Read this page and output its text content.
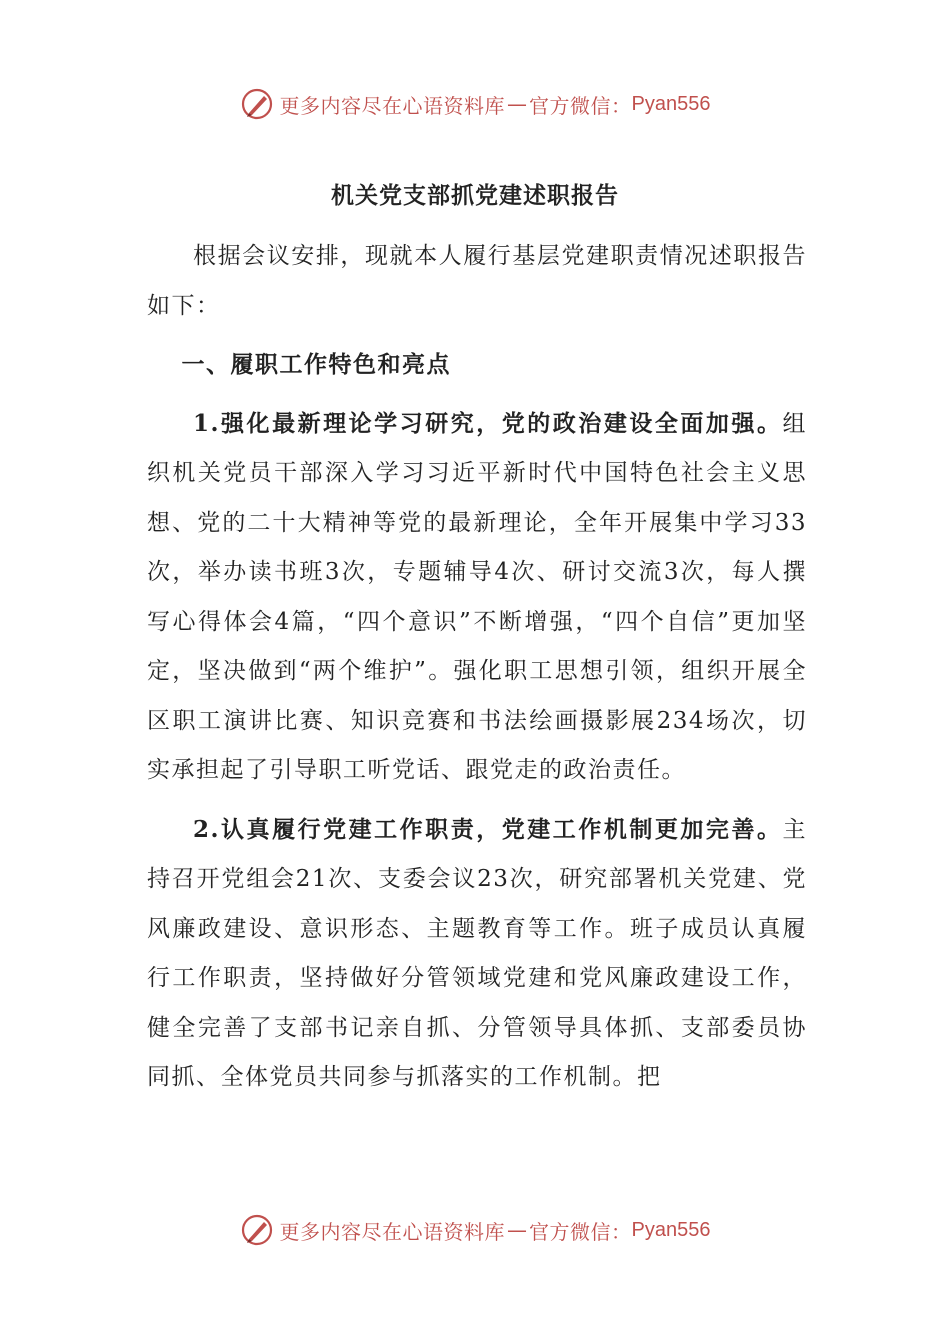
更多内容尽在心语资料库 — 官方微信： Pyan556
机关党支部抓党建述职报告

根据会议安排，现就本人履行基层党建职责情况述职报告如下：

一、履职工作特色和亮点

1.强化最新理论学习研究，党的政治建设全面加强。组织机关党员干部深入学习习近平新时代中国特色社会主义思想、党的二十大精神等党的最新理论，全年开展集中学习33次，举办读书班3次，专题辅导4次、研讨交流3次，每人撰写心得体会4篇，“四个意识”不断增强，“四个自信”更加坚定，坚决做到“两个维护”。强化职工思想引领，组织开展全区职工演讲比赛、知识竞赛和书法绘画摄影展234场次，切实承担起了引导职工听党话、跟党走的政治责任。

2.认真履行党建工作职责，党建工作机制更加完善。主持召开党组会21次、支委会议23次，研究部署机关党建、党风廉政建设、意识形态、主题教育等工作。班子成员认真履行工作职责，坚持做好分管领域党建和党风廉政建设工作，健全完善了支部书记亲自抓、分管领导具体抓、支部委员协同抓、全体党员共同参与抓落实的工作机制。把

更多内容尽在心语资料库 — 官方微信： Pyan556
